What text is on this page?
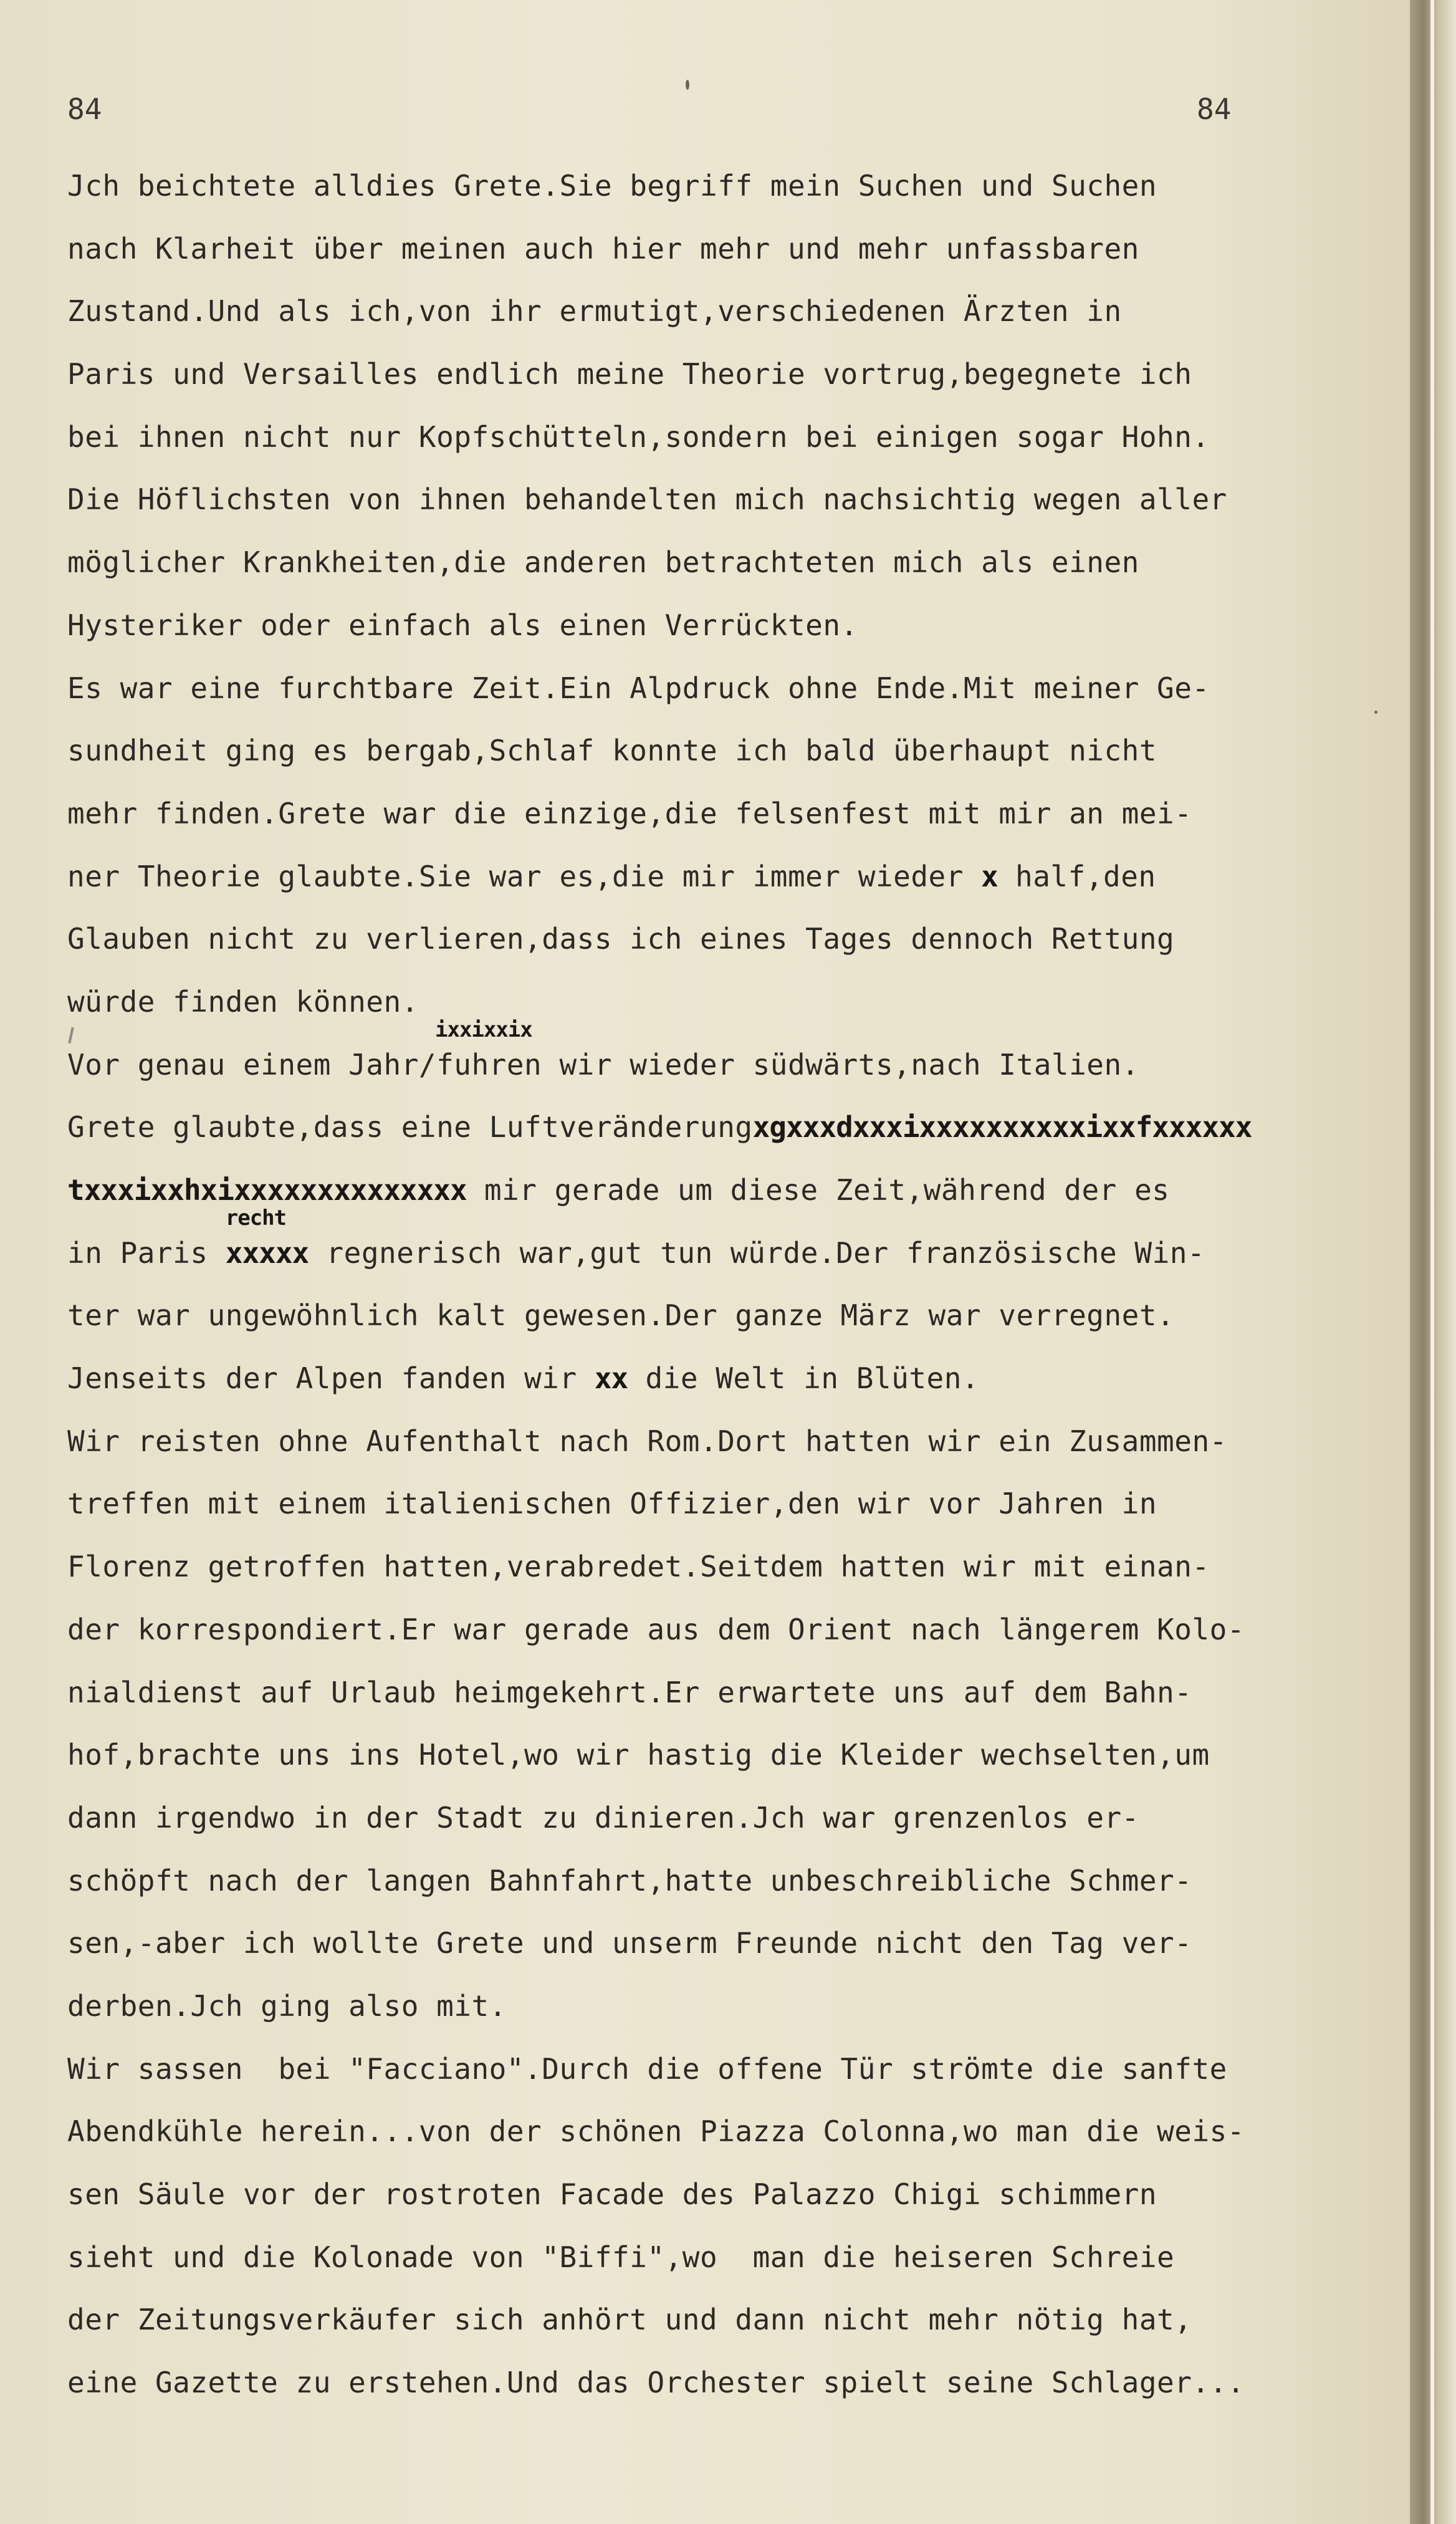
84	84
Jch beichtete alldies Grete.Sie begriff mein Suchen und Suchen
nach Klarheit über meinen auch hier mehr und mehr unfassbaren
Zustand.Und als ich,von ihr ermutigt,verschiedenen Ärzten in
Paris und Versailles endlich meine Theorie vortrug,begegnete ich
bei ihnen nicht nur Kopfschütteln,sondern bei einigen sogar Hohn.
Die Höflichsten von ihnen behandelten mich nachsichtig wegen aller
möglicher Krankheiten,die anderen betrachteten mich als einen
Hysteriker oder einfach als einen Verrückten.
Es war eine furchtbare Zeit.Ein Alpdruck ohne Ende.Mit meiner Ge-
sundheit ging es bergab,Schlaf konnte ich bald überhaupt nicht
mehr finden.Grete war die einzige,die felsenfest mit mir an mei-
ner Theorie glaubte.Sie war es,die mir immer wieder x half,den
Glauben nicht zu verlieren,dass ich eines Tages dennoch Rettung
würde finden können.
ixxixxix
Vor genau einem Jahr/fuhren wir wieder südwärts,nach Italien.
Grete glaubte,dass eine Luftveränderungxgxxxdxxxixxxxxxxxxxixxfxxxxxx
txxxixxhxixxxxxxxxxxxxxx mir gerade um diese Zeit,während der es
in Paris
recht
xxxxx regnerisch war,gut tun würde.Der französische Win-
ter war ungewöhnlich kalt gewesen.Der ganze März war verregnet.
Jenseits der Alpen fanden wir xx die Welt in Blüten.
Wir reisten ohne Aufenthalt nach Rom.Dort hatten wir ein Zusammen-
treffen mit einem italienischen Offizier,den wir vor Jahren in
Florenz getroffen hatten,verabredet.Seitdem hatten wir mit einan-
der korrespondiert.Er war gerade aus dem Orient nach längerem Kolo-
nialdienst auf Urlaub heimgekehrt.Er erwartete uns auf dem Bahn-
hof,brachte uns ins Hotel,wo wir hastig die Kleider wechselten,um
dann irgendwo in der Stadt zu dinieren.Jch war grenzenlos er-
schöpft nach der langen Bahnfahrt,hatte unbeschreibliche Schmer-
sen,-aber ich wollte Grete und unserm Freunde nicht den Tag ver-
derben.Jch ging also mit.
Wir sassen  bei "Facciano".Durch die offene Tür strömte die sanfte
Abendkühle herein...von der schönen Piazza Colonna,wo man die weis-
sen Säule vor der rostroten Facade des Palazzo Chigi schimmern
sieht und die Kolonade von "Biffi",wo  man die heiseren Schreie
der Zeitungsverkäufer sich anhört und dann nicht mehr nötig hat,
eine Gazette zu erstehen.Und das Orchester spielt seine Schlager...
